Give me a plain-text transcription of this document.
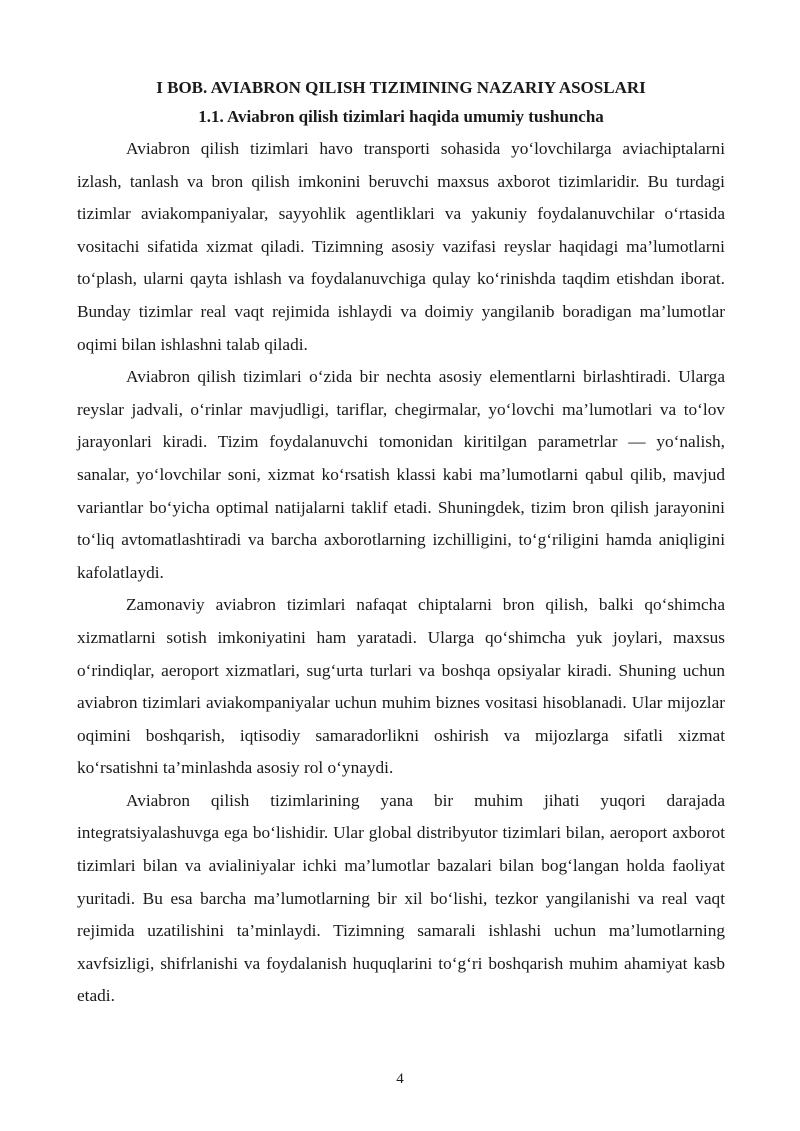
I BOB. AVIABRON QILISH TIZIMINING NAZARIY ASOSLARI
1.1. Aviabron qilish tizimlari haqida umumiy tushuncha

Aviabron qilish tizimlari havo transporti sohasida yo‘lovchilarga aviachiptalarni izlash, tanlash va bron qilish imkonini beruvchi maxsus axborot tizimlaridir. Bu turdagi tizimlar aviakompaniyalar, sayyohlik agentliklari va yakuniy foydalanuvchilar o‘rtasida vositachi sifatida xizmat qiladi. Tizimning asosiy vazifasi reyslar haqidagi ma’lumotlarni to‘plash, ularni qayta ishlash va foydalanuvchiga qulay ko‘rinishda taqdim etishdan iborat. Bunday tizimlar real vaqt rejimida ishlaydi va doimiy yangilanib boradigan ma’lumotlar oqimi bilan ishlashni talab qiladi.

Aviabron qilish tizimlari o‘zida bir nechta asosiy elementlarni birlashtiradi. Ularga reyslar jadvali, o‘rinlar mavjudligi, tariflar, chegirmalar, yo‘lovchi ma’lumotlari va to‘lov jarayonlari kiradi. Tizim foydalanuvchi tomonidan kiritilgan parametrlar — yo‘nalish, sanalar, yo‘lovchilar soni, xizmat ko‘rsatish klassi kabi ma’lumotlarni qabul qilib, mavjud variantlar bo‘yicha optimal natijalarni taklif etadi. Shuningdek, tizim bron qilish jarayonini to‘liq avtomatlashtiradi va barcha axborotlarning izchilligini, to‘g‘riligini hamda aniqligini kafolatlaydi.

Zamonaviy aviabron tizimlari nafaqat chiptalarni bron qilish, balki qo‘shimcha xizmatlarni sotish imkoniyatini ham yaratadi. Ularga qo‘shimcha yuk joylari, maxsus o‘rindiqlar, aeroport xizmatlari, sug‘urta turlari va boshqa opsiyalar kiradi. Shuning uchun aviabron tizimlari aviakompaniyalar uchun muhim biznes vositasi hisoblanadi. Ular mijozlar oqimini boshqarish, iqtisodiy samaradorlikni oshirish va mijozlarga sifatli xizmat ko‘rsatishni ta’minlashda asosiy rol o‘ynaydi.

Aviabron qilish tizimlarining yana bir muhim jihati yuqori darajada integratsiyalashuvga ega bo‘lishidir. Ular global distribyutor tizimlari bilan, aeroport axborot tizimlari bilan va avialiniyalar ichki ma’lumotlar bazalari bilan bog‘langan holda faoliyat yuritadi. Bu esa barcha ma’lumotlarning bir xil bo‘lishi, tezkor yangilanishi va real vaqt rejimida uzatilishini ta’minlaydi. Tizimning samarali ishlashi uchun ma’lumotlarning xavfsizligi, shifrlanishi va foydalanish huquqlarini to‘g‘ri boshqarish muhim ahamiyat kasb etadi.

4
